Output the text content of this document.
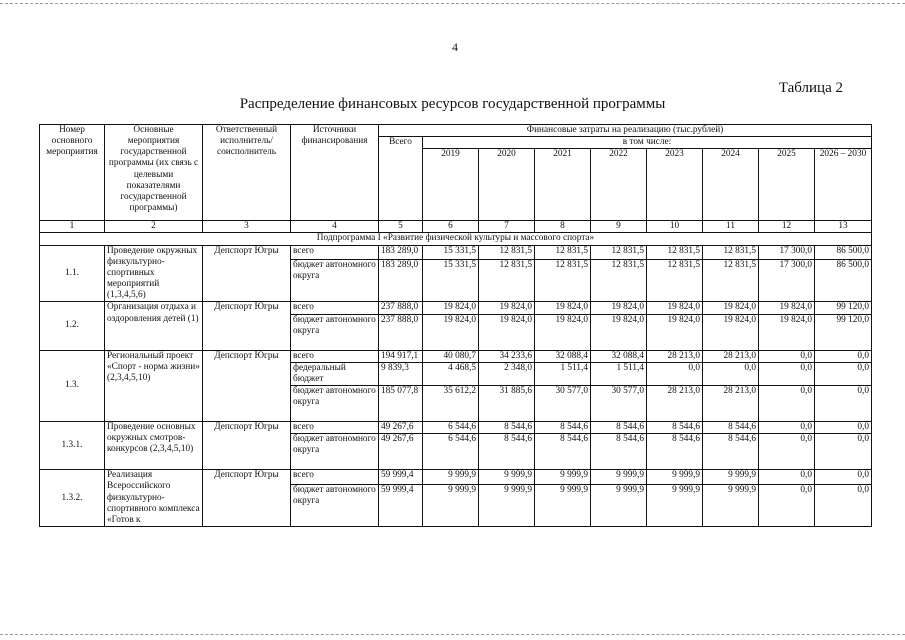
4
Таблица 2
Распределение финансовых ресурсов государственной программы
Номер основного мероприятия	Основные мероприятия государственной программы (их связь с целевыми показателями государственной программы)	Ответственный исполнитель/ соисполнитель	Источники финансирования	Финансовые затраты на реализацию (тыс.рублей)								
				Всего	в том числе:							
					2019	2020	2021	2022	2023	2024	2025	2026 – 2030
1	2	3	4	5	6	7	8	9	10	11	12	13
Подпрограмма I «Развитие физической культуры и массового спорта»												
1.1.	Проведение окружных физкультурно-спортивных мероприятий (1,3,4,5,6)	Депспорт Югры	всего	183 289,0	15 331,5	12 831,5	12 831,5	12 831,5	12 831,5	12 831,5	17 300,0	86 500,0
			бюджет автономного округа	183 289,0	15 331,5	12 831,5	12 831,5	12 831,5	12 831,5	12 831,5	17 300,0	86 500,0
1.2.	Организация отдыха и оздоровления детей (1)	Депспорт Югры	всего	237 888,0	19 824,0	19 824,0	19 824,0	19 824,0	19 824,0	19 824,0	19 824,0	99 120,0
			бюджет автономного округа	237 888,0	19 824,0	19 824,0	19 824,0	19 824,0	19 824,0	19 824,0	19 824,0	99 120,0
1.3.	Региональный проект «Спорт - норма жизни» (2,3,4,5,10)	Депспорт Югры	всего	194 917,1	40 080,7	34 233,6	32 088,4	32 088,4	28 213,0	28 213,0	0,0	0,0
			федеральный бюджет	9 839,3	4 468,5	2 348,0	1 511,4	1 511,4	0,0	0,0	0,0	0,0
			бюджет автономного округа	185 077,8	35 612,2	31 885,6	30 577,0	30 577,0	28 213,0	28 213,0	0,0	0,0
1.3.1.	Проведение основных окружных смотров-конкурсов (2,3,4,5,10)	Депспорт Югры	всего	49 267,6	6 544,6	8 544,6	8 544,6	8 544,6	8 544,6	8 544,6	0,0	0,0
			бюджет автономного округа	49 267,6	6 544,6	8 544,6	8 544,6	8 544,6	8 544,6	8 544,6	0,0	0,0
1.3.2.	Реализация Всероссийского физкультурно-спортивного комплекса «Готов к	Депспорт Югры	всего	59 999,4	9 999,9	9 999,9	9 999,9	9 999,9	9 999,9	9 999,9	0,0	0,0
			бюджет автономного округа	59 999,4	9 999,9	9 999,9	9 999,9	9 999,9	9 999,9	9 999,9	0,0	0,0
